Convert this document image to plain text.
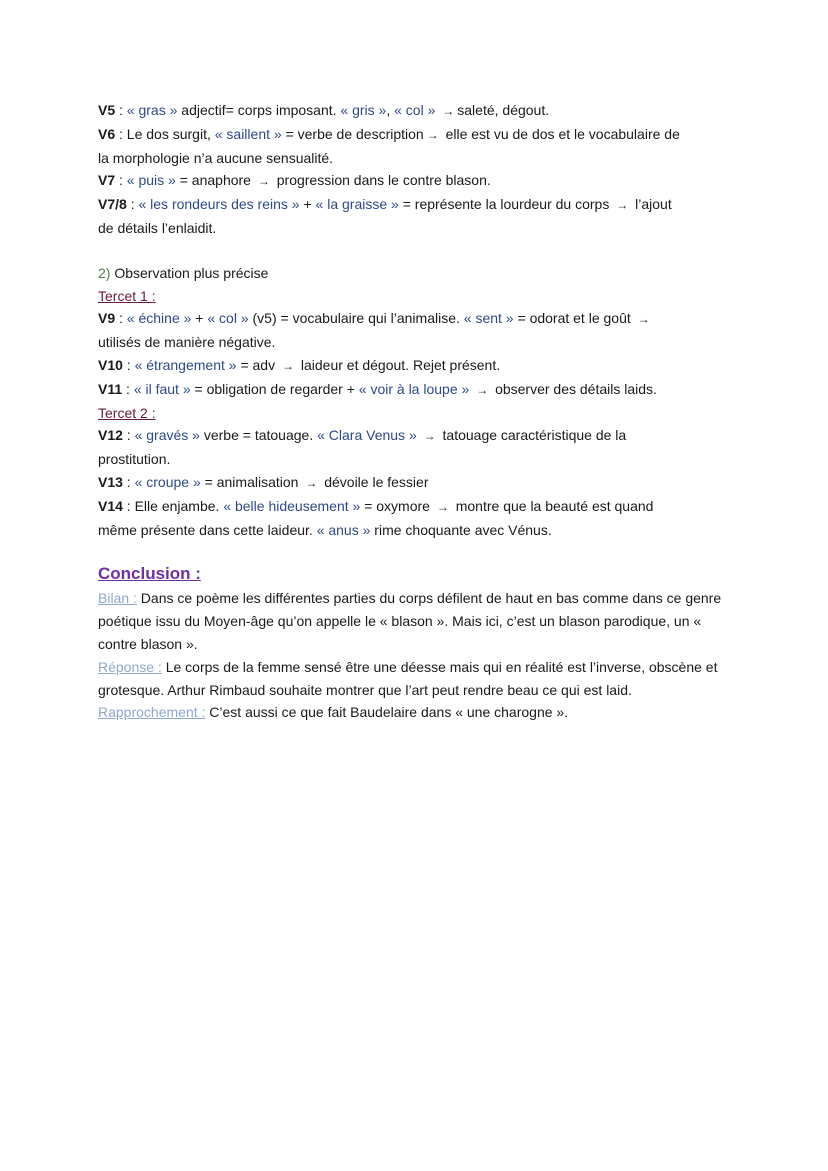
V5 : « gras » adjectif= corps imposant. « gris », « col » → saleté, dégout.
V6 : Le dos surgit, « saillent » = verbe de description → elle est vu de dos et le vocabulaire de
la morphologie n’a aucune sensualité.
V7 : « puis » = anaphore → progression dans le contre blason.
V7/8 : « les rondeurs des reins » + « la graisse » = représente la lourdeur du corps → l’ajout
de détails l’enlaidit.
2) Observation plus précise
Tercet 1 :
V9 : « échine » + « col » (v5) = vocabulaire qui l’animalise. « sent » = odorat et le goût →
utilisés de manière négative.
V10 : « étrangement » = adv → laideur et dégout. Rejet présent.
V11 : « il faut » = obligation de regarder + « voir à la loupe » → observer des détails laids.
Tercet 2 :
V12 : « gravés » verbe = tatouage. « Clara Venus » → tatouage caractéristique de la
prostitution.
V13 : « croupe » = animalisation → dévoile le fessier
V14 : Elle enjambe. « belle hideusement » = oxymore → montre que la beauté est quand
même présente dans cette laideur. « anus » rime choquante avec Vénus.
Conclusion :
Bilan : Dans ce poème les différentes parties du corps défilent de haut en bas comme dans ce genre poétique issu du Moyen-âge qu’on appelle le « blason ». Mais ici, c’est un blason parodique, un « contre blason ».
Réponse : Le corps de la femme sensé être une déesse mais qui en réalité est l’inverse, obscène et grotesque. Arthur Rimbaud souhaite montrer que l’art peut rendre beau ce qui est laid.
Rapprochement : C’est aussi ce que fait Baudelaire dans « une charogne ».
